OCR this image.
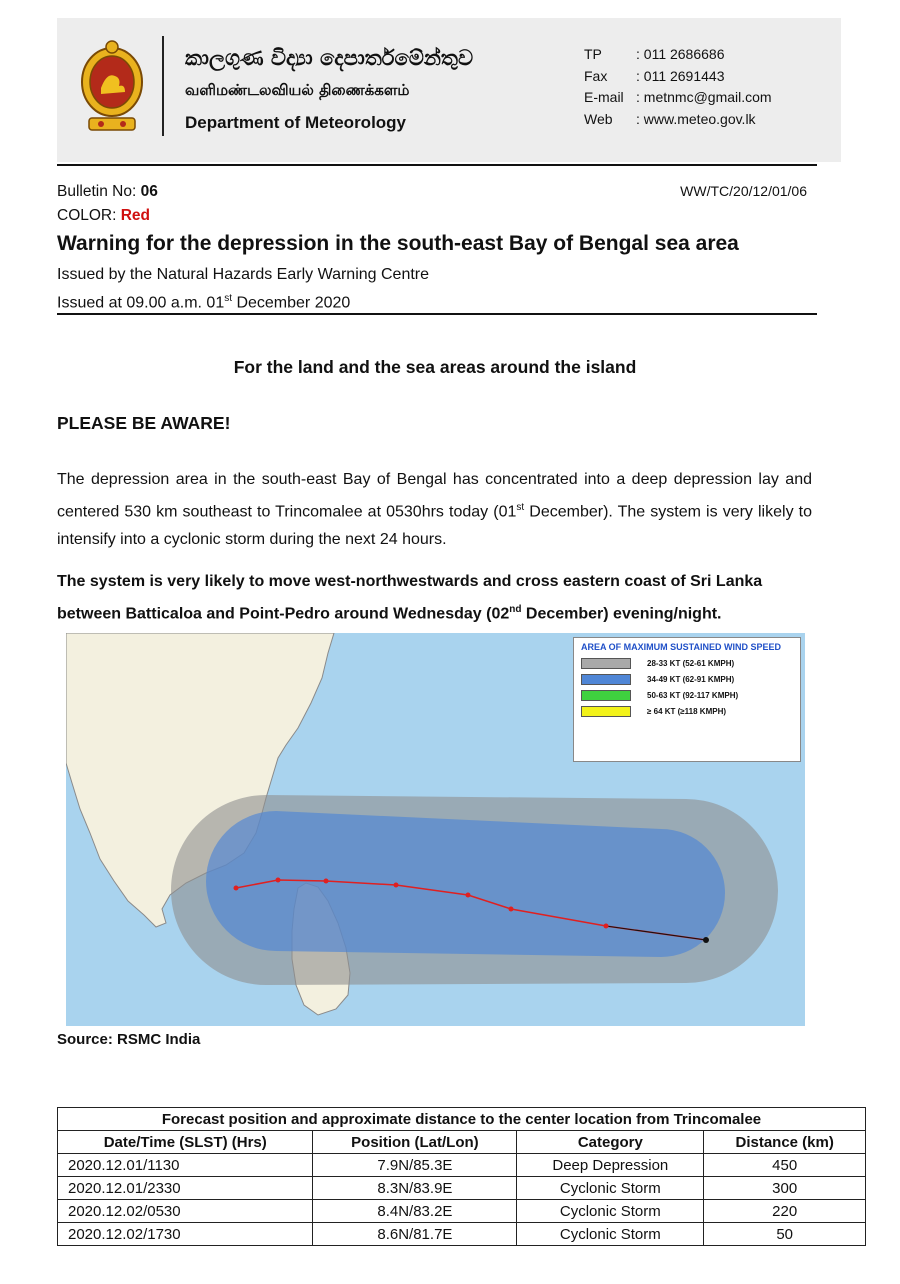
කාලගුණ විද්‍යා දෙපාර්තමේන්තුව
வளிமண்டலவியல் திணைக்களம்
Department of Meteorology
TP	: 011 2686686
Fax	: 011 2691443
E-mail : metnmc@gmail.com
Web	: www.meteo.gov.lk
Bulletin No: 06
COLOR: Red
WW/TC/20/12/01/06
Warning for the depression in the south-east Bay of Bengal sea area
Issued by the Natural Hazards Early Warning Centre
Issued at 09.00 a.m. 01st December 2020
For the land and the sea areas around the island
PLEASE BE AWARE!
The depression area in the south-east Bay of Bengal has concentrated into a deep depression lay and centered 530 km southeast to Trincomalee at 0530hrs today (01st December). The system is very likely to intensify into a cyclonic storm during the next 24 hours.
The system is very likely to move west-northwestwards and cross eastern coast of Sri Lanka between Batticaloa and Point-Pedro around Wednesday (02nd December) evening/night.
AREA OF MAXIMUM SUSTAINED WIND SPEED
28-33 KT (52-61 KMPH)
34-49 KT (62-91 KMPH)
50-63 KT (92-117 KMPH)
≥ 64 KT (≥118 KMPH)
Source: RSMC India
Forecast position and approximate distance to the center location from Trincomalee			
Date/Time (SLST) (Hrs)	Position (Lat/Lon)	Category	Distance (km)
2020.12.01/1130	7.9N/85.3E	Deep Depression	450
2020.12.01/2330	8.3N/83.9E	Cyclonic Storm	300
2020.12.02/0530	8.4N/83.2E	Cyclonic Storm	220
2020.12.02/1730	8.6N/81.7E	Cyclonic Storm	50
